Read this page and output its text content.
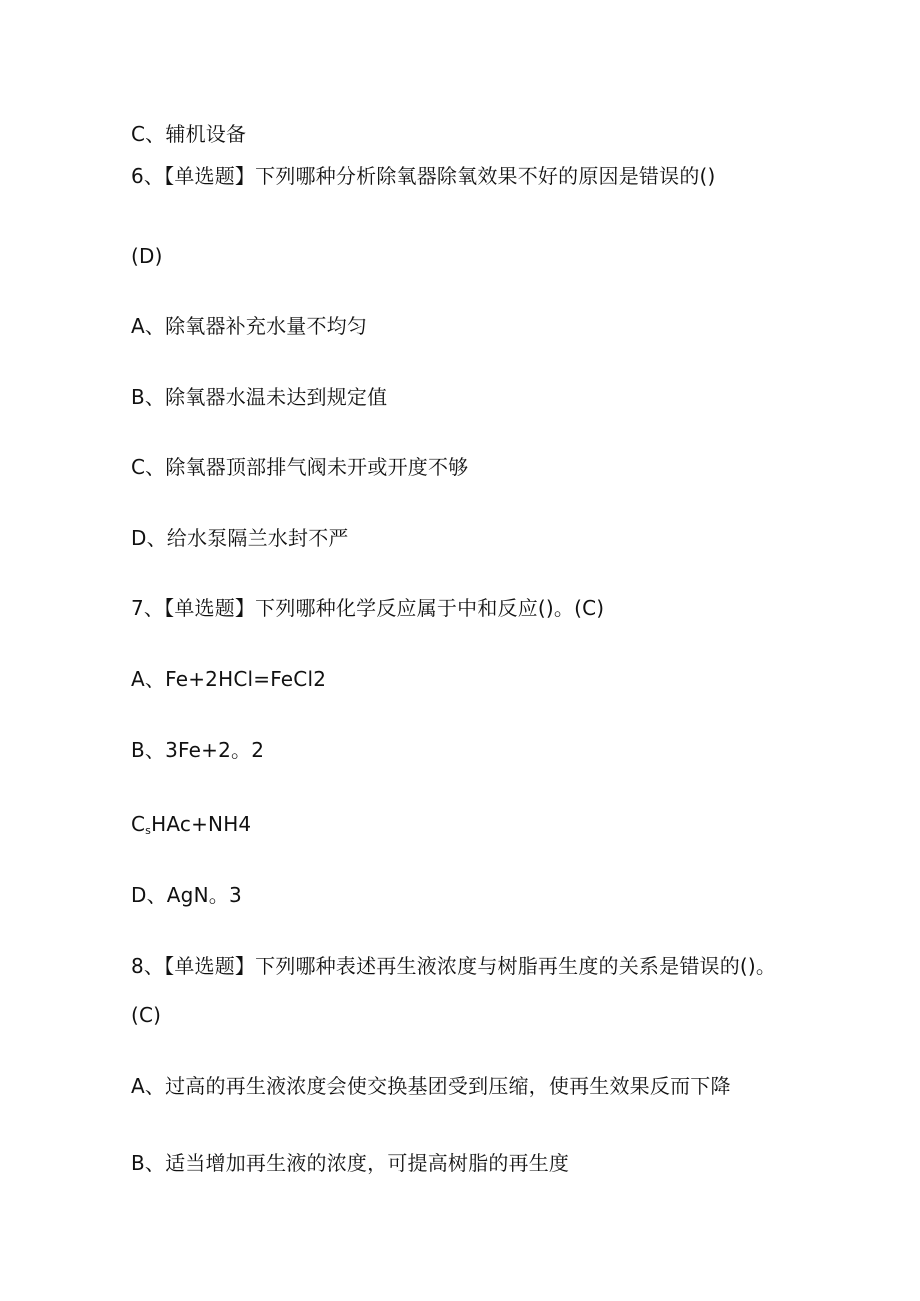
C、辅机设备
6、【单选题】下列哪种分析除氧器除氧效果不好的原因是错误的()
(D)
A、除氧器补充水量不均匀
B、除氧器水温未达到规定值
C、除氧器顶部排气阀未开或开度不够
D、给水泵隔兰水封不严
7、【单选题】下列哪种化学反应属于中和反应()。(C)
A、Fe+2HCl=FeCl2
B、3Fe+2。2
$C_sHAc+NH4$
D、AgN。3
8、【单选题】下列哪种表述再生液浓度与树脂再生度的关系是错误的()。
(C)
A、过高的再生液浓度会使交换基团受到压缩，使再生效果反而下降
B、适当增加再生液的浓度，可提高树脂的再生度
